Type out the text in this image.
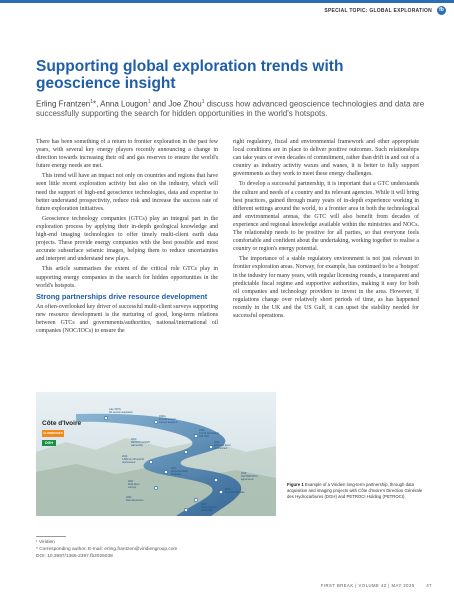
SPECIAL TOPIC: GLOBAL EXPLORATION	fb
Supporting global exploration trends with geoscience insight
Erling Frantzen$^1$*, Anna Lougon$^1$ and Joe Zhou$^1$ discuss how advanced geoscience technologies and data are successfully supporting the search for hidden opportunities in the world's hotspots.

There has been something of a return to frontier exploration in the past few years, with several key energy players recently announcing a change in direction towards increasing their oil and gas reserves to ensure the world's future energy needs are met.

This trend will have an impact not only on countries and regions that have seen little recent exploration activity but also on the industry, which will need the support of high-end geoscience technologies, data and expertise to better understand prospectivity, reduce risk and increase the success rate of future exploration initiatives.

Geoscience technology companies (GTCs) play an integral part in the exploration process by applying their in-depth geological knowledge and high-end imaging technologies to offer timely multi-client earth data projects. These provide energy companies with the best possible and most accurate subsurface seismic images, helping them to reduce uncertainties and interpret and understand new plays.

This article summarises the extent of the critical role GTCs play in supporting energy companies in the search for hidden opportunities in the world's hotspots.

Strong partnerships drive resource development

An often-overlooked key driver of successful multi-client surveys supporting new resource development is the nurturing of good, long-term relations between GTCs and governments/authorities, national/international oil companies (NOC/IOCs) to ensure the

right regulatory, fiscal and environmental framework and other appropriate local conditions are in place to deliver positive outcomes. Such relationships can take years or even decades of commitment, rather than drift in and out of a country as industry activity waxes and wanes, it is better to fully support governments as they work to meet these energy challenges.

To develop a successful partnership, it is important that a GTC understands the culture and needs of a country and its relevant agencies. While it will bring best practices, gained through many years of in-depth experience working in different settings around the world, to a frontier area in both the technological and environmental arenas, the GTC will also benefit from decades of experience and regional knowledge available within the ministries and NOCs. The relationship needs to be positive for all parties, so that everyone feels comfortable and confident about the undertaking, working together to realise a country or region's energy potential.

The importance of a stable regulatory environment is not just relevant to frontier exploration areas. Norway, for example, has continued to be a 'hotspot' in the industry for many years, with regular licensing rounds, a transparent and predictable fiscal regime and supportive authorities, making it easy for both oil companies and technology providers to invest in the area. However, if regulations change over relatively short periods of time, as has happened recently in the UK and the US Gulf, it can upset the stability needed for successful operations.

Côte d'Ivoire
CI-ENERGIES
DGH
Late 1970s
2D seismic acquisition
1990s
First 3D seismic
surveys acquired
1999
CI-104 partnership
with Ohio
2009
Approved fiscal
environment
2010
PETROCI & DGH
partnership
2014
4,500 km 2D seismic
reprocessed
2017
Response Bank
Programs	2019
DGH/PETROCI
agreements
2021
Multi-client
surveys
2022
Extensive 3D data
2024
New discoveries
2025
New long-term
partnership
Figure 1 Example of a Viridien long-term partnership, through data acquisition and imaging projects with Côte d'Ivoire's Direction Générale des Hydrocarbures (DGH) and PETROCI Holding (PETROCI).
¹ Viridien
* Corresponding author, E-mail: erling.frantzen@viridiengroup.com
DOI: 10.3997/1365-2397.fb2025038
FIRST BREAK | VOLUME 43 | MAY 2025	47
